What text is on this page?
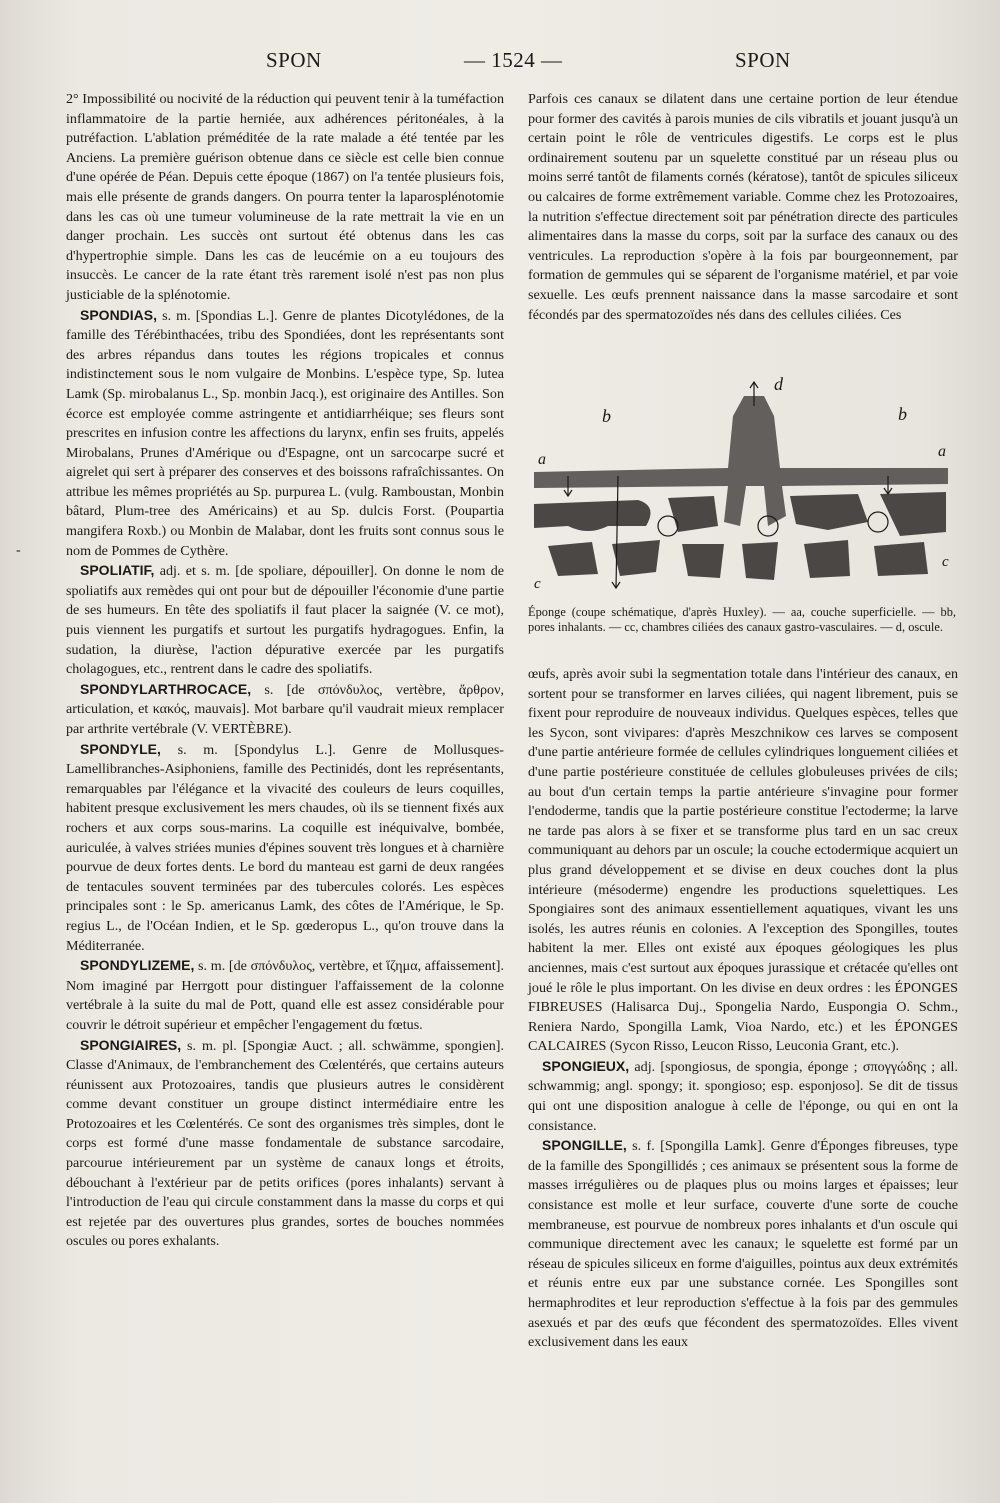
SPON	— 1524 —	SPON
-

2° Impossibilité ou nocivité de la réduction qui peuvent tenir à la tuméfaction inflammatoire de la partie herniée, aux adhérences péritonéales, à la putréfaction. L'ablation préméditée de la rate malade a été tentée par les Anciens. La première guérison obtenue dans ce siècle est celle bien connue d'une opérée de Péan. Depuis cette époque (1867) on l'a tentée plusieurs fois, mais elle présente de grands dangers. On pourra tenter la laparosplénotomie dans les cas où une tumeur volumineuse de la rate mettrait la vie en un danger prochain. Les succès ont surtout été obtenus dans les cas d'hypertrophie simple. Dans les cas de leucémie on a eu toujours des insuccès. Le cancer de la rate étant très rarement isolé n'est pas non plus justiciable de la splénotomie.

SPONDIAS, s. m. [Spondias L.]. Genre de plantes Dicotylédones, de la famille des Térébinthacées, tribu des Spondiées, dont les représentants sont des arbres répandus dans toutes les régions tropicales et connus indistinctement sous le nom vulgaire de Monbins. L'espèce type, Sp. lutea Lamk (Sp. mirobalanus L., Sp. monbin Jacq.), est originaire des Antilles. Son écorce est employée comme astringente et antidiarrhéique; ses fleurs sont prescrites en infusion contre les affections du larynx, enfin ses fruits, appelés Mirobalans, Prunes d'Amérique ou d'Espagne, ont un sarcocarpe sucré et aigrelet qui sert à préparer des conserves et des boissons rafraîchissantes. On attribue les mêmes propriétés au Sp. purpurea L. (vulg. Ramboustan, Monbin bâtard, Plum-tree des Américains) et au Sp. dulcis Forst. (Poupartia mangifera Roxb.) ou Monbin de Malabar, dont les fruits sont connus sous le nom de Pommes de Cythère.

SPOLIATIF, adj. et s. m. [de spoliare, dépouiller]. On donne le nom de spoliatifs aux remèdes qui ont pour but de dépouiller l'économie d'une partie de ses humeurs. En tête des spoliatifs il faut placer la saignée (V. ce mot), puis viennent les purgatifs et surtout les purgatifs hydragogues. Enfin, la sudation, la diurèse, l'action dépurative exercée par les purgatifs cholagogues, etc., rentrent dans le cadre des spoliatifs.

SPONDYLARTHROCACE, s. [de σπόνδυλος, vertèbre, ἄρθρον, articulation, et κακός, mauvais]. Mot barbare qu'il vaudrait mieux remplacer par arthrite vertébrale (V. VERTÈBRE).

SPONDYLE, s. m. [Spondylus L.]. Genre de Mollusques-Lamellibranches-Asiphoniens, famille des Pectinidés, dont les représentants, remarquables par l'élégance et la vivacité des couleurs de leurs coquilles, habitent presque exclusivement les mers chaudes, où ils se tiennent fixés aux rochers et aux corps sous-marins. La coquille est inéquivalve, bombée, auriculée, à valves striées munies d'épines souvent très longues et à charnière pourvue de deux fortes dents. Le bord du manteau est garni de deux rangées de tentacules souvent terminées par des tubercules colorés. Les espèces principales sont : le Sp. americanus Lamk, des côtes de l'Amérique, le Sp. regius L., de l'Océan Indien, et le Sp. gœderopus L., qu'on trouve dans la Méditerranée.

SPONDYLIZEME, s. m. [de σπόνδυλος, vertèbre, et ἵζημα, affaissement]. Nom imaginé par Herrgott pour distinguer l'affaissement de la colonne vertébrale à la suite du mal de Pott, quand elle est assez considérable pour couvrir le détroit supérieur et empêcher l'engagement du fœtus.

SPONGIAIRES, s. m. pl. [Spongiæ Auct. ; all. schwämme, spongien]. Classe d'Animaux, de l'embranchement des Cœlentérés, que certains auteurs réunissent aux Protozoaires, tandis que plusieurs autres le considèrent comme devant constituer un groupe distinct intermédiaire entre les Protozoaires et les Cœlentérés. Ce sont des organismes très simples, dont le corps est formé d'une masse fondamentale de substance sarcodaire, parcourue intérieurement par un système de canaux longs et étroits, débouchant à l'extérieur par de petits orifices (pores inhalants) servant à l'introduction de l'eau qui circule constamment dans la masse du corps et qui est rejetée par des ouvertures plus grandes, sortes de bouches nommées oscules ou pores exhalants.

Parfois ces canaux se dilatent dans une certaine portion de leur étendue pour former des cavités à parois munies de cils vibratils et jouant jusqu'à un certain point le rôle de ventricules digestifs. Le corps est le plus ordinairement soutenu par un squelette constitué par un réseau plus ou moins serré tantôt de filaments cornés (kératose), tantôt de spicules siliceux ou calcaires de forme extrêmement variable. Comme chez les Protozoaires, la nutrition s'effectue directement soit par pénétration directe des particules alimentaires dans la masse du corps, soit par la surface des canaux ou des ventricules. La reproduction s'opère à la fois par bourgeonnement, par formation de gemmules qui se séparent de l'organisme matériel, et par voie sexuelle. Les œufs prennent naissance dans la masse sarcodaire et sont fécondés par des spermatozoïdes nés dans des cellules ciliées. Ces

b	b
a	a
d
c
c
Éponge (coupe schématique, d'après Huxley). — aa, couche superficielle. — bb, pores inhalants. — cc, chambres ciliées des canaux gastro-vasculaires. — d, oscule.

œufs, après avoir subi la segmentation totale dans l'intérieur des canaux, en sortent pour se transformer en larves ciliées, qui nagent librement, puis se fixent pour reproduire de nouveaux individus. Quelques espèces, telles que les Sycon, sont vivipares: d'après Meszchnikow ces larves se composent d'une partie antérieure formée de cellules cylindriques longuement ciliées et d'une partie postérieure constituée de cellules globuleuses privées de cils; au bout d'un certain temps la partie antérieure s'invagine pour former l'endoderme, tandis que la partie postérieure constitue l'ectoderme; la larve ne tarde pas alors à se fixer et se transforme plus tard en un sac creux communiquant au dehors par un oscule; la couche ectodermique acquiert un plus grand développement et se divise en deux couches dont la plus intérieure (mésoderme) engendre les productions squelettiques. Les Spongiaires sont des animaux essentiellement aquatiques, vivant les uns isolés, les autres réunis en colonies. A l'exception des Spongilles, toutes habitent la mer. Elles ont existé aux époques géologiques les plus anciennes, mais c'est surtout aux époques jurassique et crétacée qu'elles ont joué le rôle le plus important. On les divise en deux ordres : les ÉPONGES FIBREUSES (Halisarca Duj., Spongelia Nardo, Euspongia O. Schm., Reniera Nardo, Spongilla Lamk, Vioa Nardo, etc.) et les ÉPONGES CALCAIRES (Sycon Risso, Leucon Risso, Leuconia Grant, etc.).

SPONGIEUX, adj. [spongiosus, de spongia, éponge ; σπογγώδης ; all. schwammig; angl. spongy; it. spongioso; esp. esponjoso]. Se dit de tissus qui ont une disposition analogue à celle de l'éponge, ou qui en ont la consistance.

SPONGILLE, s. f. [Spongilla Lamk]. Genre d'Éponges fibreuses, type de la famille des Spongillidés ; ces animaux se présentent sous la forme de masses irrégulières ou de plaques plus ou moins larges et épaisses; leur consistance est molle et leur surface, couverte d'une sorte de couche membraneuse, est pourvue de nombreux pores inhalants et d'un oscule qui communique directement avec les canaux; le squelette est formé par un réseau de spicules siliceux en forme d'aiguilles, pointus aux deux extrémités et réunis entre eux par une substance cornée. Les Spongilles sont hermaphrodites et leur reproduction s'effectue à la fois par des gemmules asexués et par des œufs que fécondent des spermatozoïdes. Elles vivent exclusivement dans les eaux
